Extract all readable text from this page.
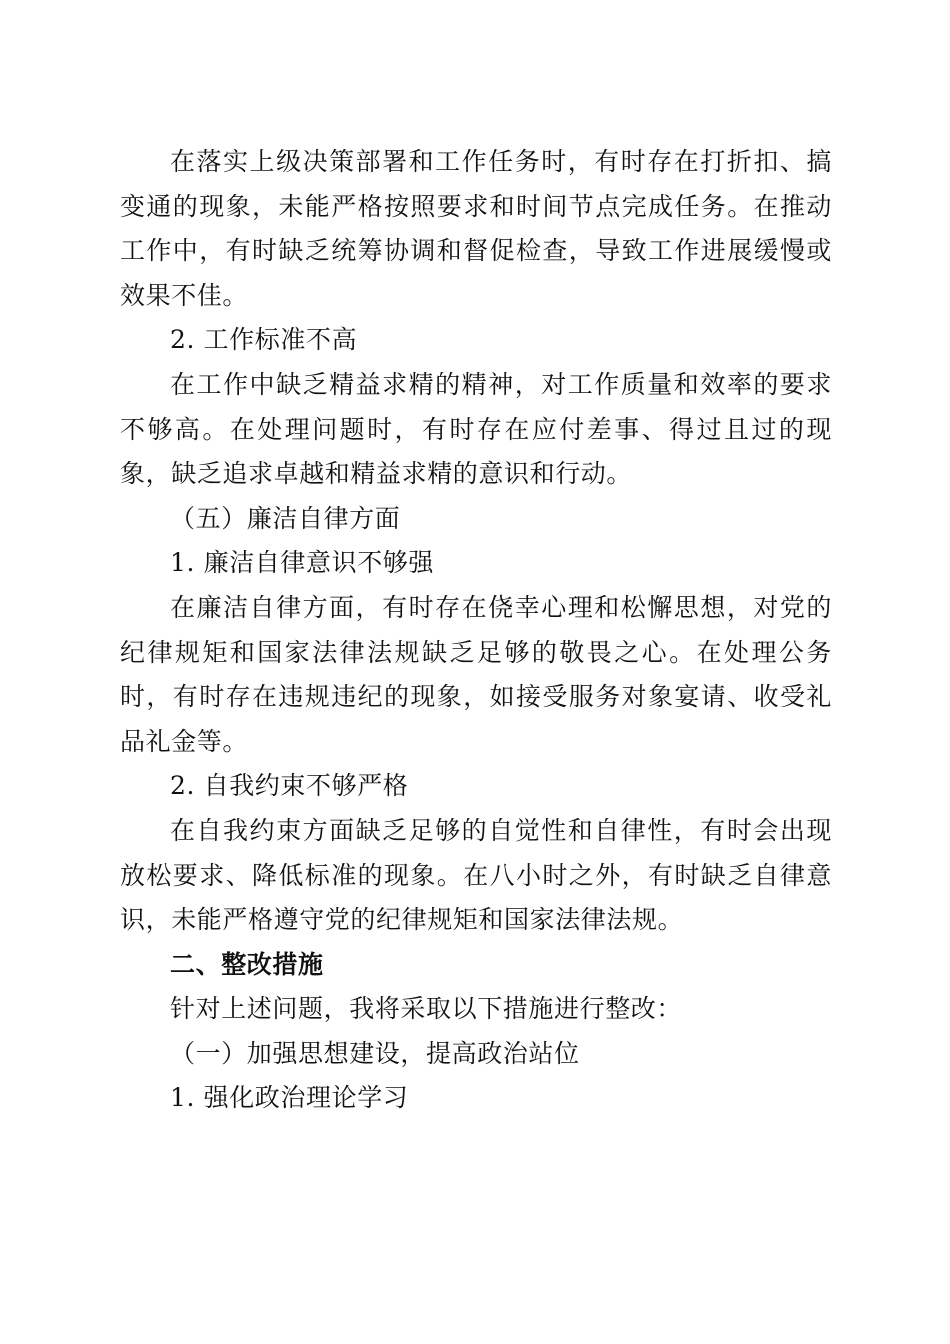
在落实上级决策部署和工作任务时，有时存在打折扣、搞变通的现象，未能严格按照要求和时间节点完成任务。在推动工作中，有时缺乏统筹协调和督促检查，导致工作进展缓慢或效果不佳。

2. 工作标准不高

在工作中缺乏精益求精的精神，对工作质量和效率的要求不够高。在处理问题时，有时存在应付差事、得过且过的现象，缺乏追求卓越和精益求精的意识和行动。

（五）廉洁自律方面

1. 廉洁自律意识不够强

在廉洁自律方面，有时存在侥幸心理和松懈思想，对党的纪律规矩和国家法律法规缺乏足够的敬畏之心。在处理公务时，有时存在违规违纪的现象，如接受服务对象宴请、收受礼品礼金等。

2. 自我约束不够严格

在自我约束方面缺乏足够的自觉性和自律性，有时会出现放松要求、降低标准的现象。在八小时之外，有时缺乏自律意识，未能严格遵守党的纪律规矩和国家法律法规。

二、整改措施

针对上述问题，我将采取以下措施进行整改：

（一）加强思想建设，提高政治站位

1. 强化政治理论学习
